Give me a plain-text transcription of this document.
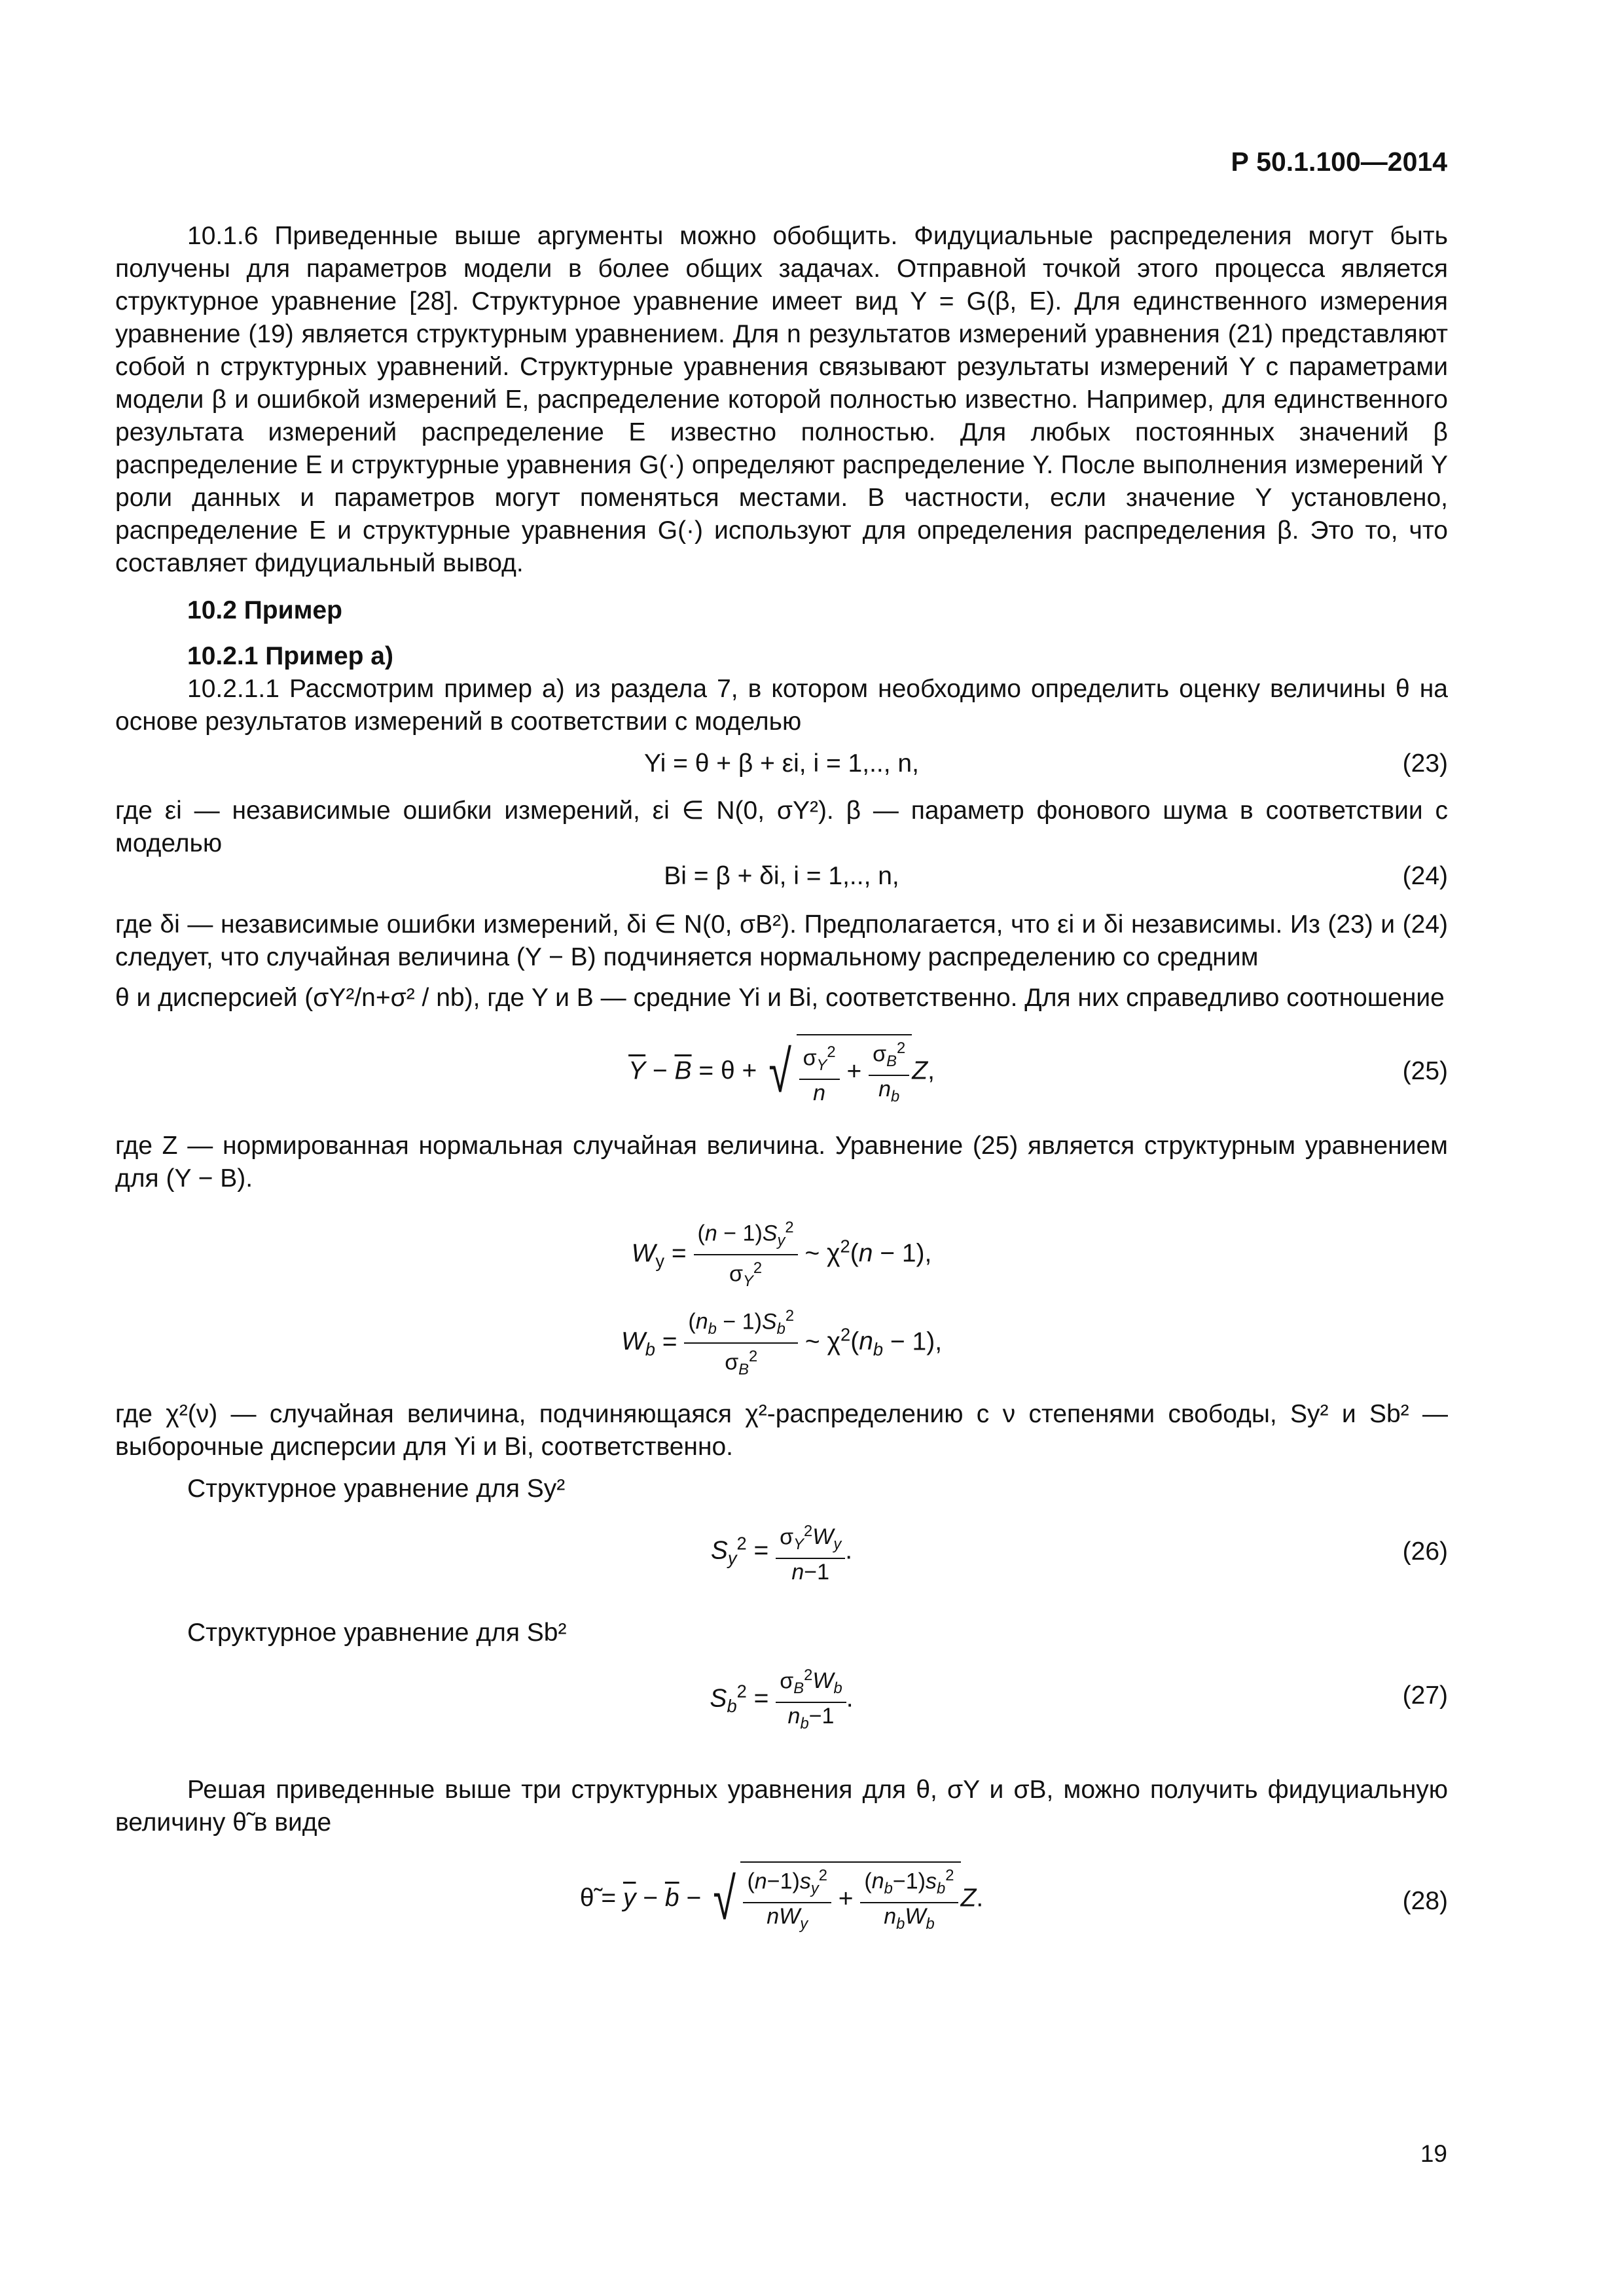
Р 50.1.100—2014

10.1.6 Приведенные выше аргументы можно обобщить. Фидуциальные распределения могут быть получены для параметров модели в более общих задачах. Отправной точкой этого процесса является структурное уравнение [28]. Структурное уравнение имеет вид Y = G(β, E). Для единственного измерения уравнение (19) является структурным уравнением. Для n результатов измерений уравнения (21) представляют собой n структурных уравнений. Структурные уравнения связывают результаты измерений Y с параметрами модели β и ошибкой измерений E, распределение которой полностью известно. Например, для единственного результата измерений распределение E известно полностью. Для любых постоянных значений β распределение E и структурные уравнения G(·) определяют распределение Y. После выполнения измерений Y роли данных и параметров могут поменяться местами. В частности, если значение Y установлено, распределение E и структурные уравнения G(·) используют для определения распределения β. Это то, что составляет фидуциальный вывод.

10.2 Пример

10.2.1 Пример а)

10.2.1.1 Рассмотрим пример а) из раздела 7, в котором необходимо определить оценку величины θ на основе результатов измерений в соответствии с моделью

Yi = θ + β + εi, i = 1,.., n,	(23)

где εi — независимые ошибки измерений, εi ∈ N(0, σY²). β — параметр фонового шума в соответствии с моделью

Bi = β + δi, i = 1,.., n,	(24)

где δi — независимые ошибки измерений, δi ∈ N(0, σB²). Предполагается, что εi и δi независимы. Из (23) и (24) следует, что случайная величина (Y − B) подчиняется нормальному распределению со средним

θ и дисперсией (σY²/n+σ² / nb), где Y и B — средние Yi и Bi, соответственно. Для них справедливо соотношение

$\overline{Y} - \overline{B} = \theta$ + √ $\frac{\sigma_Y^2}{n} + \frac{\sigma_B^2}{n_b} Z$,	(25)

где Z — нормированная нормальная случайная величина. Уравнение (25) является структурным уравнением для (Y − B).

$W_y = \frac{(n - 1)S_y^2}{\sigma_Y^2}$ ~ $\chi^2(n - 1)$,
$W_b = \frac{(n_b - 1)S_b^2}{\sigma_B^2}$ ~ $\chi^2(n_b - 1)$,

где χ²(ν) — случайная величина, подчиняющаяся χ²-распределению с ν степенями свободы, Sy² и Sb² — выборочные дисперсии для Yi и Bi, соответственно.

Структурное уравнение для Sy²

$S_y^2 = \frac{\sigma_Y^2W_y}{n-1}$ .	(26)

Структурное уравнение для Sb²

$S_b^2 = \frac{\sigma_B^2W_b}{n_b-1}$ .	(27)

Решая приведенные выше три структурных уравнения для θ, σY и σB, можно получить фидуциальную величину θ̃ в виде

θ̃ = $\overline{y} - \overline{b}$ − √ $\frac{(n-1)s_y^2}{nW_y} + \frac{(n_b-1)s_b^2}{n_bW_b} Z$.	(28)
19
